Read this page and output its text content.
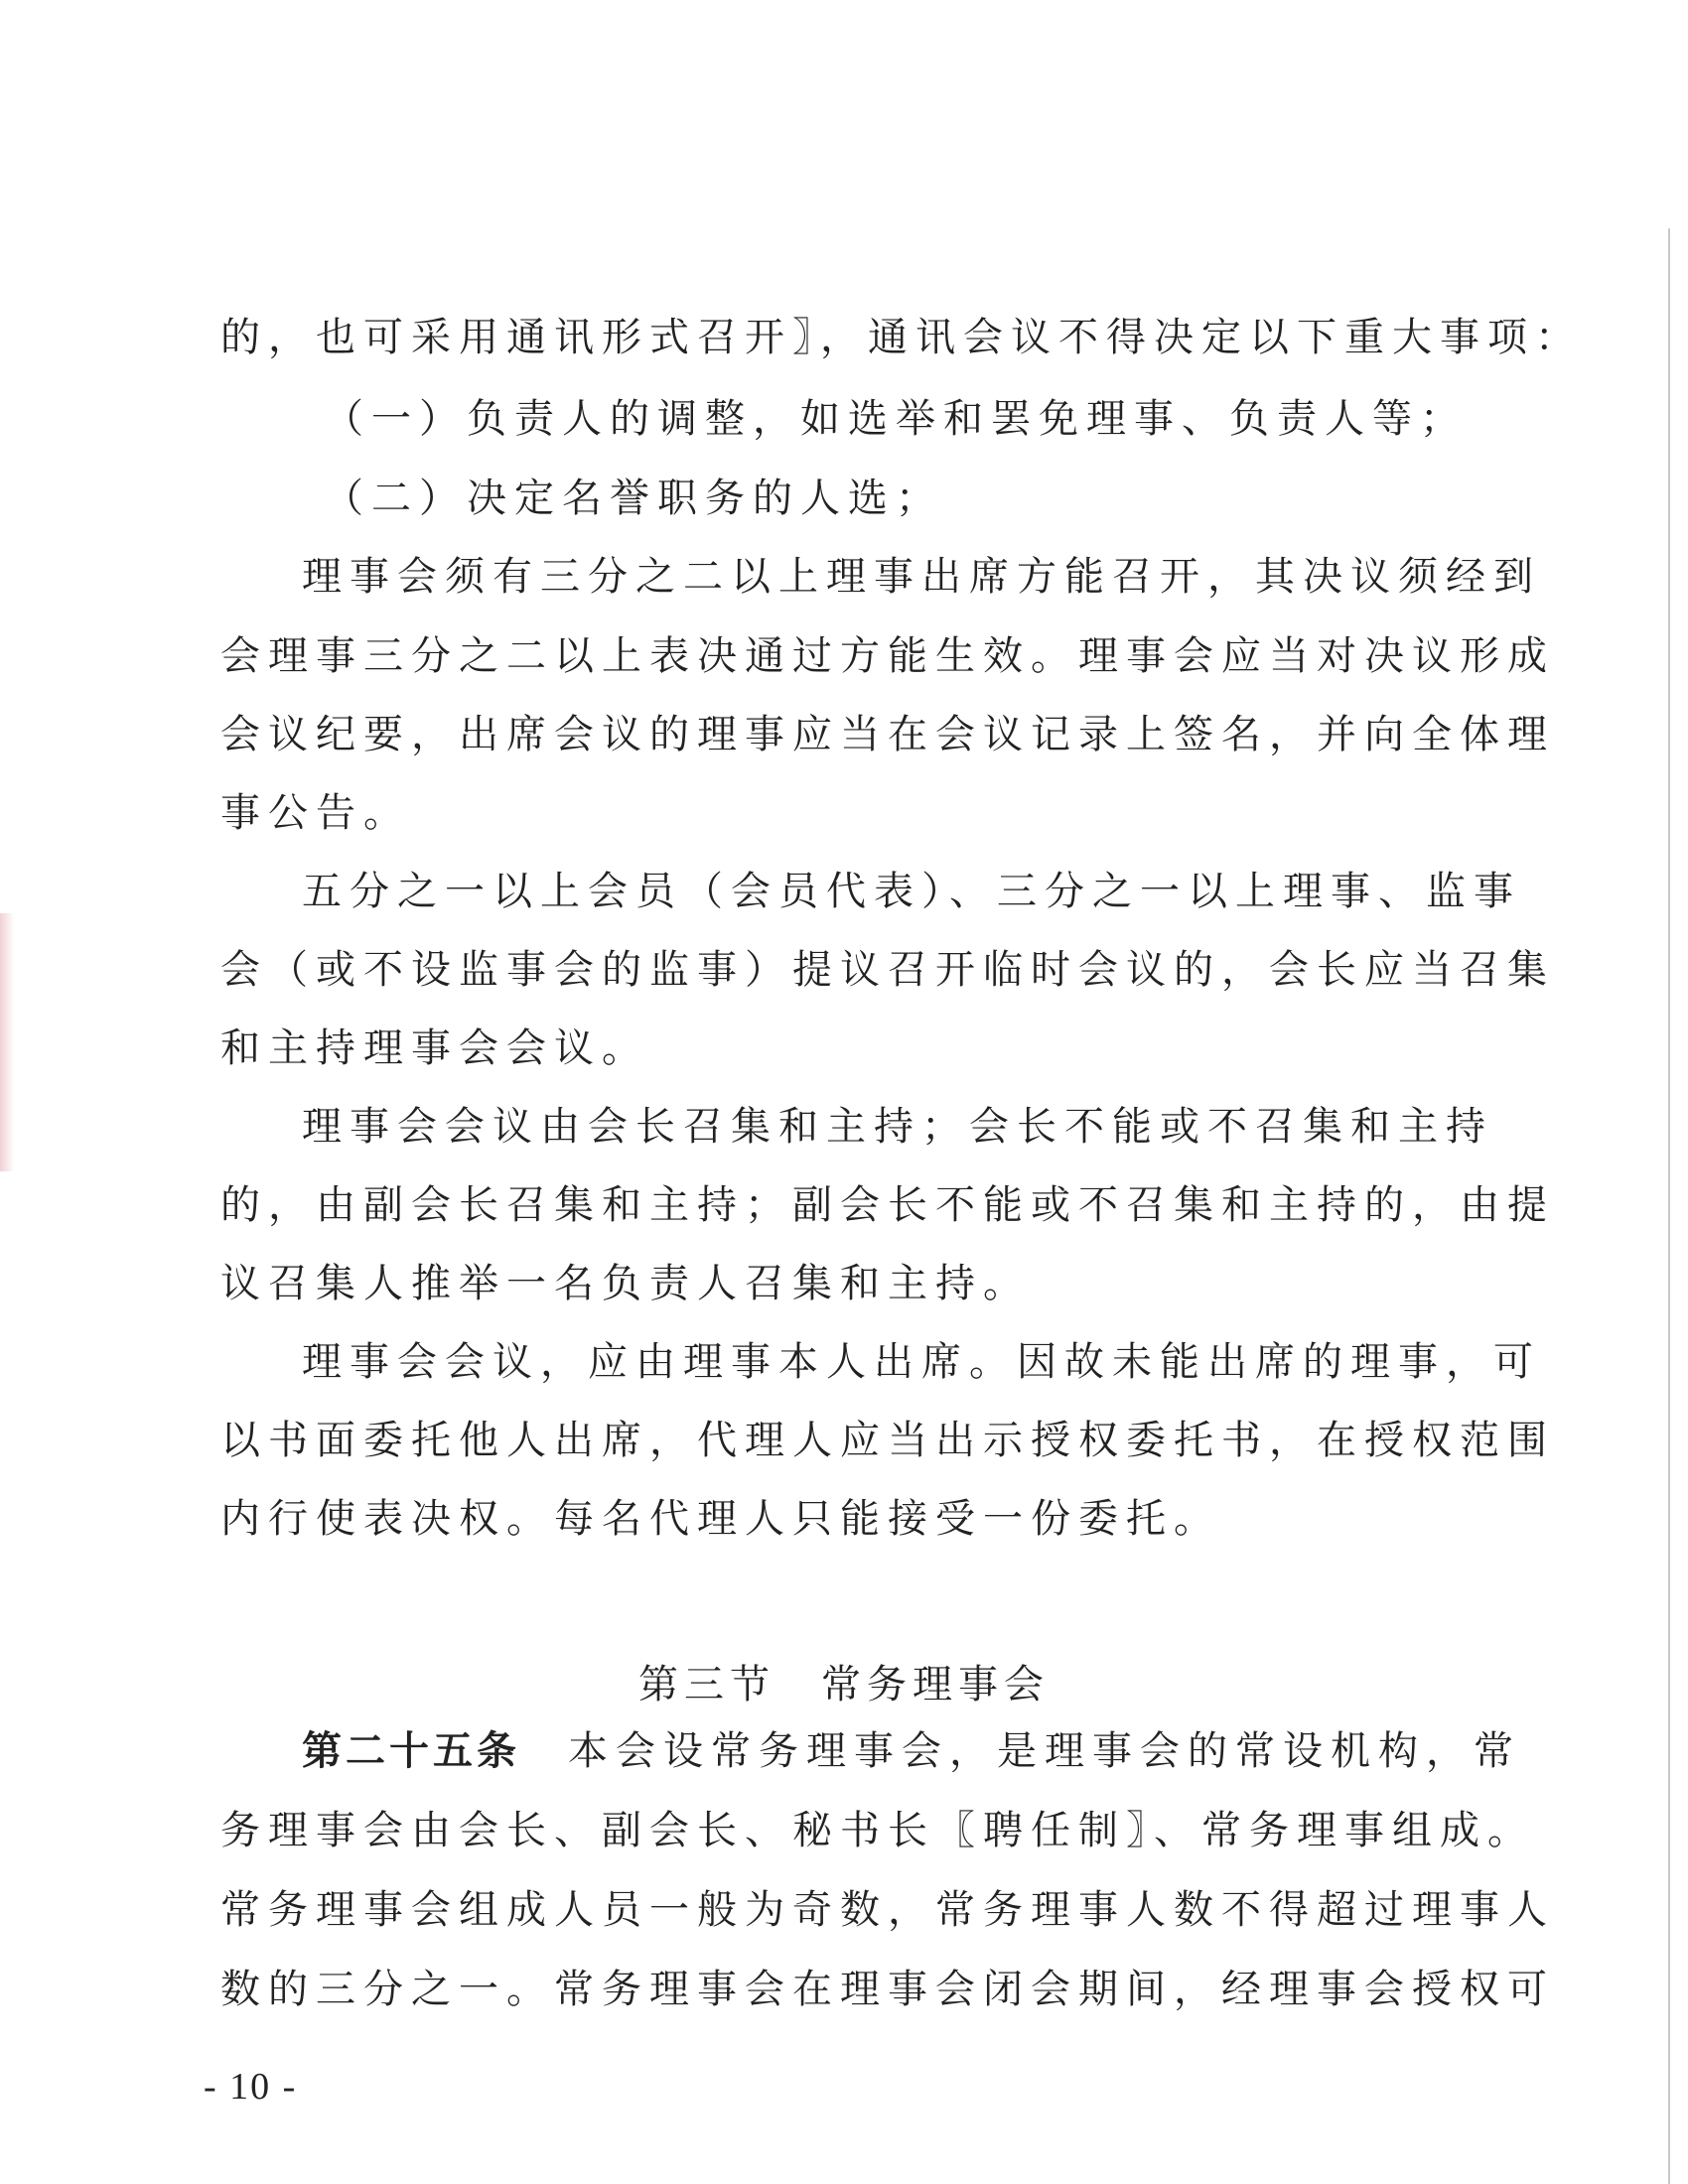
的，也可采用通讯形式召开〗，通讯会议不得决定以下重大事项：
（一）负责人的调整，如选举和罢免理事、负责人等；
（二）决定名誉职务的人选；
理事会须有三分之二以上理事出席方能召开，其决议须经到
会理事三分之二以上表决通过方能生效。理事会应当对决议形成
会议纪要，出席会议的理事应当在会议记录上签名，并向全体理
事公告。
五分之一以上会员（会员代表）、三分之一以上理事、监事
会（或不设监事会的监事）提议召开临时会议的，会长应当召集
和主持理事会会议。
理事会会议由会长召集和主持；会长不能或不召集和主持
的，由副会长召集和主持；副会长不能或不召集和主持的，由提
议召集人推举一名负责人召集和主持。
理事会会议，应由理事本人出席。因故未能出席的理事，可
以书面委托他人出席，代理人应当出示授权委托书，在授权范围
内行使表决权。每名代理人只能接受一份委托。
第三节　常务理事会
第二十五条　本会设常务理事会，是理事会的常设机构，常
务理事会由会长、副会长、秘书长〖聘任制〗、常务理事组成。
常务理事会组成人员一般为奇数，常务理事人数不得超过理事人
数的三分之一。常务理事会在理事会闭会期间，经理事会授权可
- 10 -
